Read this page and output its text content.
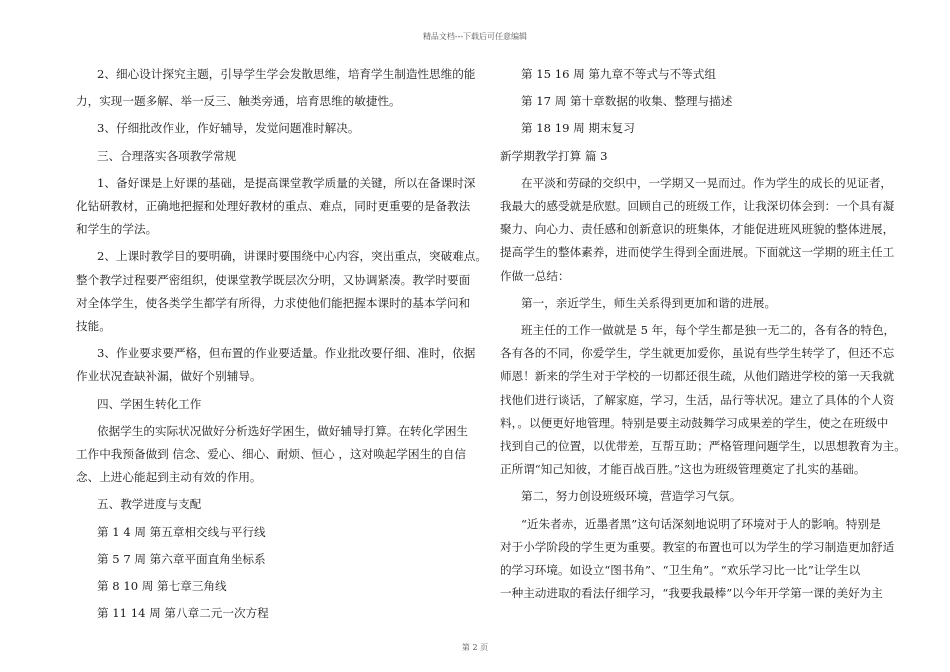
精品文档---下载后可任意编辑

2、细心设计探究主题，引导学生学会发散思维，培育学生制造性思维的能

力，实现一题多解、举一反三、触类旁通，培育思维的敏捷性。

3、仔细批改作业，作好辅导，发觉问题准时解决。

三、合理落实各项教学常规

1、备好课是上好课的基础，是提高课堂教学质量的关键，所以在备课时深

化钻研教材，正确地把握和处理好教材的重点、难点，同时更重要的是备教法

和学生的学法。

2、上课时教学目的要明确，讲课时要围绕中心内容，突出重点，突破难点。

整个教学过程要严密组织，使课堂教学既层次分明，又协调紧凑。教学时要面

对全体学生，使各类学生都学有所得，力求使他们能把握本课时的基本学问和

技能。

3、作业要求要严格，但布置的作业要适量。作业批改要仔细、准时，依据

作业状况查缺补漏，做好个别辅导。

四、学困生转化工作

依据学生的实际状况做好分析选好学困生，做好辅导打算。在转化学困生

工作中我预备做到 信念、爱心、细心、耐烦、恒心 ，这对唤起学困生的自信

念、上进心能起到主动有效的作用。

五、教学进度与支配

第 1 4 周 第五章相交线与平行线

第 5 7 周 第六章平面直角坐标系

第 8 10 周 第七章三角线

第 11 14 周 第八章二元一次方程

第 15 16 周 第九章不等式与不等式组

第 17 周 第十章数据的收集、整理与描述

第 18 19 周 期末复习

新学期教学打算 篇 3

在平淡和劳碌的交织中，一学期又一晃而过。作为学生的成长的见证者，

我最大的感受就是欣慰。回顾自己的班级工作，让我深切体会到：一个具有凝

聚力、向心力、责任感和创新意识的班集体，才能促进班风班貌的整体进展，

提高学生的整体素养，进而使学生得到全面进展。下面就这一学期的班主任工

作做一总结：

第一，亲近学生，师生关系得到更加和谐的进展。

班主任的工作一做就是 5 年，每个学生都是独一无二的，各有各的特色，

各有各的不同，你爱学生，学生就更加爱你，虽说有些学生转学了，但还不忘

师恩！新来的学生对于学校的一切都还很生疏，从他们踏进学校的第一天我就

找他们进行谈话，了解家庭，学习，生活，品行等状况。建立了具体的个人资

料，。以便更好地管理。特别是要主动鼓舞学习成果差的学生，使之在班级中

找到自己的位置，以优带差，互帮互助；严格管理问题学生，以思想教育为主。

正所谓“知己知彼，才能百战百胜。”这也为班级管理奠定了扎实的基础。

第二，努力创设班级环境，营造学习气氛。

“近朱者赤，近墨者黑”这句话深刻地说明了环境对于人的影响。特别是

对于小学阶段的学生更为重要。教室的布置也可以为学生的学习制造更加舒适

的学习环境。如设立“图书角”、“卫生角”。“欢乐学习比一比”让学生以

一种主动进取的看法仔细学习，“我要我最棒”以今年开学第一课的美好为主

第 2 页
